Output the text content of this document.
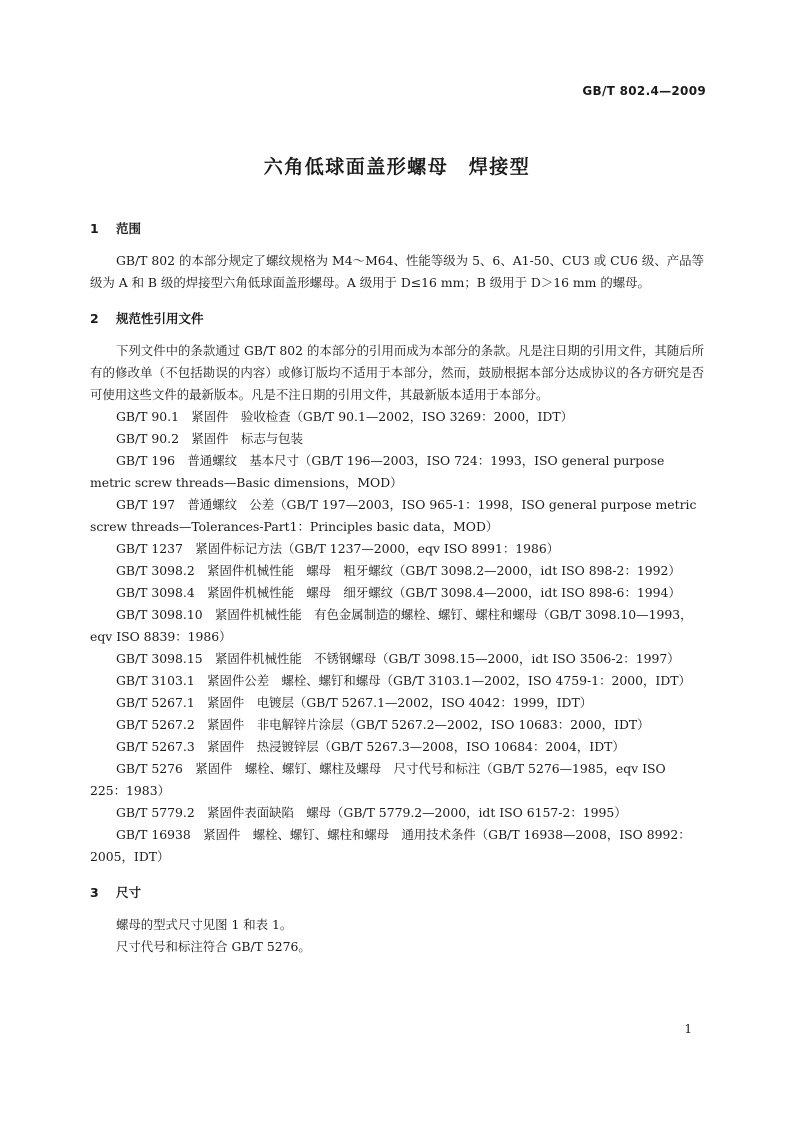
GB/T 802.4—2009
六角低球面盖形螺母　焊接型
1	范围

GB/T 802 的本部分规定了螺纹规格为 M4～M64、性能等级为 5、6、A1-50、CU3 或 CU6 级、产品等级为 A 和 B 级的焊接型六角低球面盖形螺母。A 级用于 D≤16 mm；B 级用于 D＞16 mm 的螺母。

2	规范性引用文件

下列文件中的条款通过 GB/T 802 的本部分的引用而成为本部分的条款。凡是注日期的引用文件，其随后所有的修改单（不包括勘误的内容）或修订版均不适用于本部分，然而，鼓励根据本部分达成协议的各方研究是否可使用这些文件的最新版本。凡是不注日期的引用文件，其最新版本适用于本部分。

GB/T 90.1　紧固件　验收检查（GB/T 90.1—2002，ISO 3269：2000，IDT）

GB/T 90.2　紧固件　标志与包装

GB/T 196　普通螺纹　基本尺寸（GB/T 196—2003，ISO 724：1993，ISO general purpose metric screw threads—Basic dimensions，MOD）

GB/T 197　普通螺纹　公差（GB/T 197—2003，ISO 965-1：1998，ISO general purpose metric screw threads—Tolerances-Part1：Principles basic data，MOD）

GB/T 1237　紧固件标记方法（GB/T 1237—2000，eqv ISO 8991：1986）

GB/T 3098.2　紧固件机械性能　螺母　粗牙螺纹（GB/T 3098.2—2000，idt ISO 898-2：1992）

GB/T 3098.4　紧固件机械性能　螺母　细牙螺纹（GB/T 3098.4—2000，idt ISO 898-6：1994）

GB/T 3098.10　紧固件机械性能　有色金属制造的螺栓、螺钉、螺柱和螺母（GB/T 3098.10—1993，eqv ISO 8839：1986）

GB/T 3098.15　紧固件机械性能　不锈钢螺母（GB/T 3098.15—2000，idt ISO 3506-2：1997）

GB/T 3103.1　紧固件公差　螺栓、螺钉和螺母（GB/T 3103.1—2002，ISO 4759-1：2000，IDT）

GB/T 5267.1　紧固件　电镀层（GB/T 5267.1—2002，ISO 4042：1999，IDT）

GB/T 5267.2　紧固件　非电解锌片涂层（GB/T 5267.2—2002，ISO 10683：2000，IDT）

GB/T 5267.3　紧固件　热浸镀锌层（GB/T 5267.3—2008，ISO 10684：2004，IDT）

GB/T 5276　紧固件　螺栓、螺钉、螺柱及螺母　尺寸代号和标注（GB/T 5276—1985，eqv ISO 225：1983）

GB/T 5779.2　紧固件表面缺陷　螺母（GB/T 5779.2—2000，idt ISO 6157-2：1995）

GB/T 16938　紧固件　螺栓、螺钉、螺柱和螺母　通用技术条件（GB/T 16938—2008，ISO 8992：2005，IDT）

3	尺寸

螺母的型式尺寸见图 1 和表 1。

尺寸代号和标注符合 GB/T 5276。

1
